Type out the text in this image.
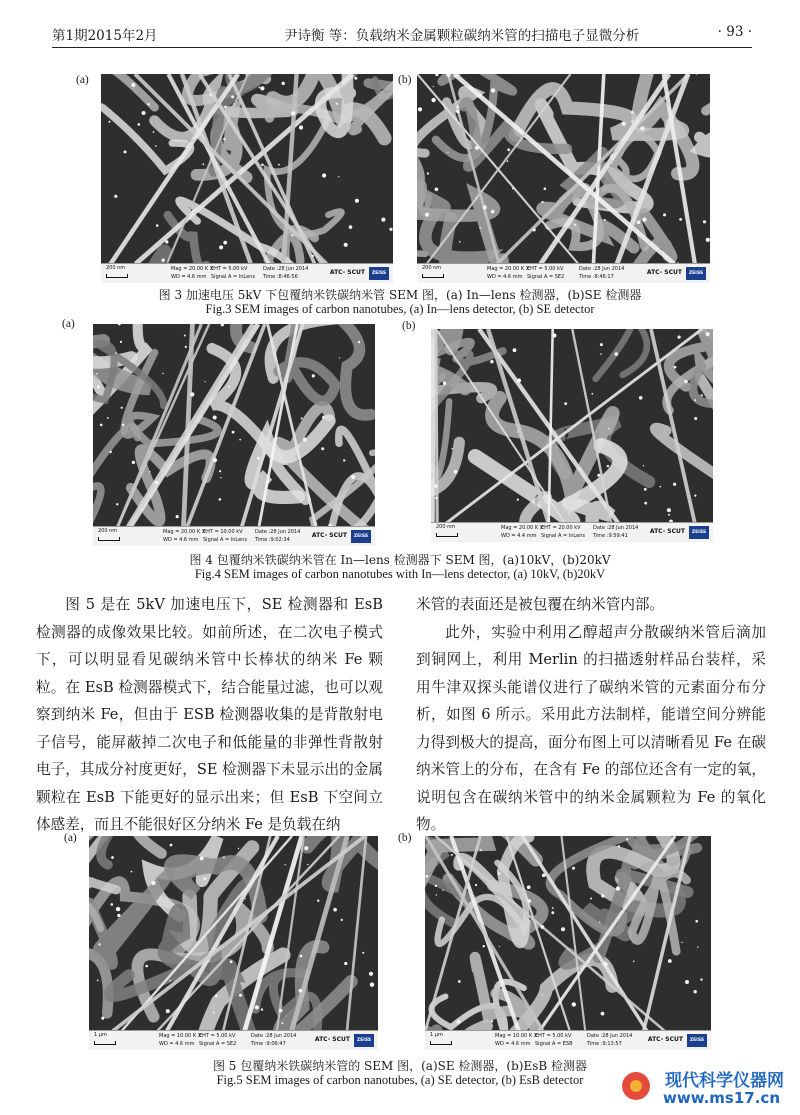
第1期2015年2月	尹诗衡 等：负载纳米金属颗粒碳纳米管的扫描电子显微分析	· 93 ·
(a)	(b)
200 nm	Mag = 20.00 K X
WD = 4.6 mm
EHT = 5.00 kV
Signal A = InLens
Date :28 Jun 2014
Time :8:46:56
ATC- SCUT	ZEISS
200 nm	Mag = 20.00 K X
WD = 4.6 mm
EHT = 5.00 kV
Signal A = SE2
Date :28 Jun 2014
Time :8:46:17
ATC- SCUT	ZEISS
图 3 加速电压 5kV 下包覆纳米铁碳纳米管 SEM 图，(a) In—lens 检测器，(b)SE 检测器
Fig.3 SEM images of carbon nanotubes, (a) In—lens detector, (b) SE detector
(a)	(b)
200 nm	Mag = 20.00 K X
WD = 4.6 mm
EHT = 10.00 kV
Signal A = InLens
Date :28 Jun 2014
Time :9:02:34
ATC- SCUT	ZEISS
200 nm	Mag = 20.00 K X
WD = 4.4 mm
EHT = 20.00 kV
Signal A = InLens
Date :28 Jun 2014
Time :9:59:41
ATC- SCUT	ZEISS
图 4 包覆纳米铁碳纳米管在 In—lens 检测器下 SEM 图，(a)10kV，(b)20kV
Fig.4 SEM images of carbon nanotubes with In—lens detector, (a) 10kV, (b)20kV
图 5 是在 5kV 加速电压下，SE 检测器和 EsB 检测器的成像效果比较。如前所述，在二次电子模式下，可以明显看见碳纳米管中长棒状的纳米 Fe 颗粒。在 EsB 检测器模式下，结合能量过滤，也可以观察到纳米 Fe，但由于 ESB 检测器收集的是背散射电子信号，能屏蔽掉二次电子和低能量的非弹性背散射电子，其成分衬度更好，SE 检测器下未显示出的金属颗粒在 EsB 下能更好的显示出来；但 EsB 下空间立体感差，而且不能很好区分纳米 Fe 是负载在纳
米管的表面还是被包覆在纳米管内部。
此外，实验中利用乙醇超声分散碳纳米管后滴加到铜网上，利用 Merlin 的扫描透射样品台装样，采用牛津双探头能谱仪进行了碳纳米管的元素面分布分析，如图 6 所示。采用此方法制样，能谱空间分辨能力得到极大的提高，面分布图上可以清晰看见 Fe 在碳纳米管上的分布，在含有 Fe 的部位还含有一定的氧，说明包含在碳纳米管中的纳米金属颗粒为 Fe 的氧化物。
(a)	(b)
1 μm	Mag = 10.00 K X
WD = 4.6 mm
EHT = 5.00 kV
Signal A = SE2
Date :28 Jun 2014
Time :9:06:47
ATC- SCUT	ZEISS
1 μm	Mag = 10.00 K X
WD = 4.6 mm
EHT = 5.00 kV
Signal A = ESB
Date :28 Jun 2014
Time :9:13:57
ATC- SCUT	ZEISS
图 5 包覆纳米铁碳纳米管的 SEM 图，(a)SE 检测器，(b)EsB 检测器
Fig.5 SEM images of carbon nanotubes, (a) SE detector, (b) EsB detector	现代科学仪器网
www.ms17.cn
